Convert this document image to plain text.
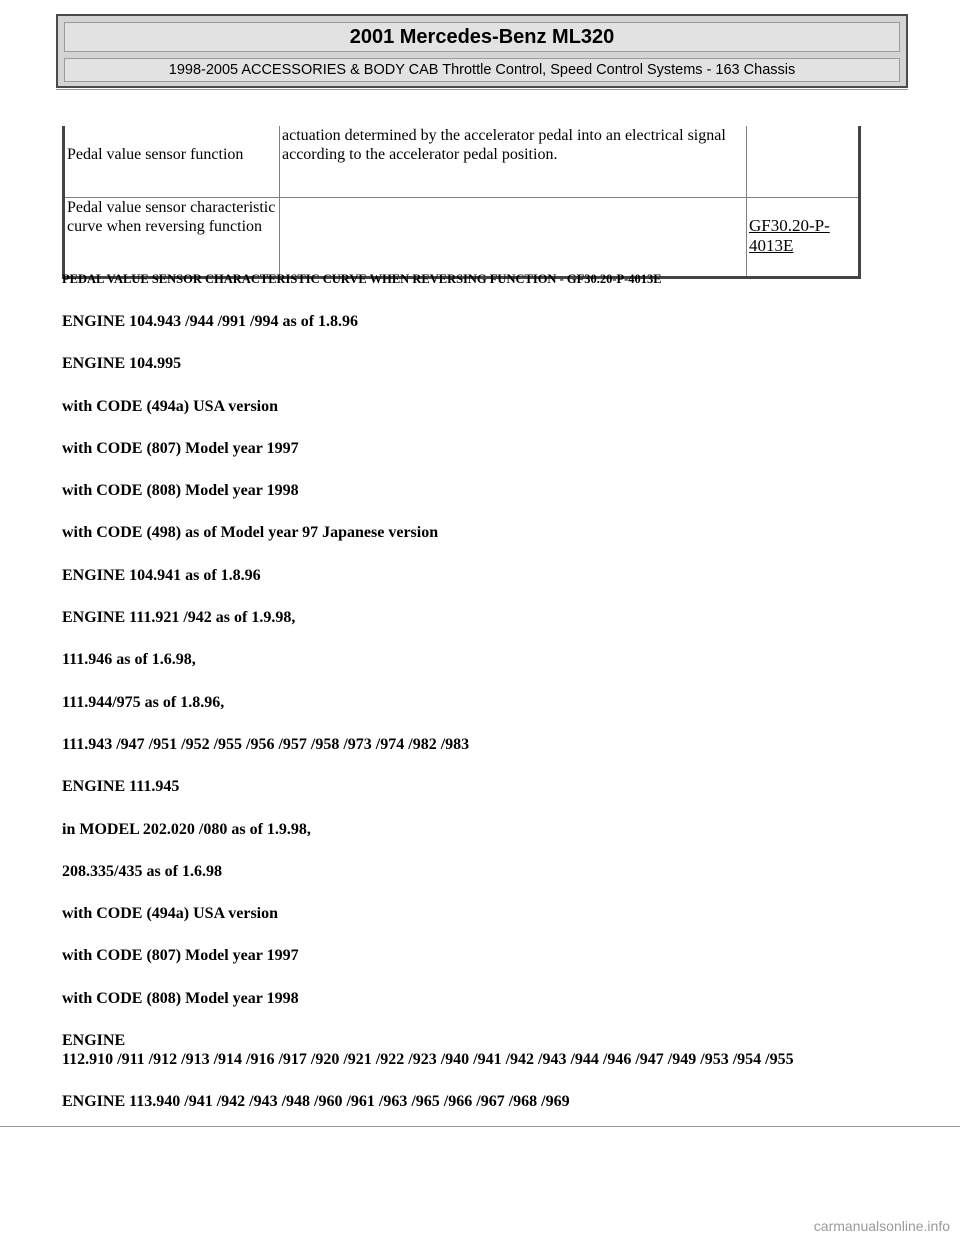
2001 Mercedes-Benz ML320
1998-2005 ACCESSORIES & BODY CAB Throttle Control, Speed Control Systems - 163 Chassis
Pedal value sensor function	actuation determined by the accelerator pedal into an electrical signal according to the accelerator pedal position.	
Pedal value sensor characteristic curve when reversing function		GF30.20-P-4013E
PEDAL VALUE SENSOR CHARACTERISTIC CURVE WHEN REVERSING FUNCTION - GF30.20-P-4013E

ENGINE 104.943 /944 /991 /994 as of 1.8.96

ENGINE 104.995

with CODE (494a) USA version

with CODE (807) Model year 1997

with CODE (808) Model year 1998

with CODE (498) as of Model year 97 Japanese version

ENGINE 104.941 as of 1.8.96

ENGINE 111.921 /942 as of 1.9.98,

111.946 as of 1.6.98,

111.944/975 as of 1.8.96,

111.943 /947 /951 /952 /955 /956 /957 /958 /973 /974 /982 /983

ENGINE 111.945

in MODEL 202.020 /080 as of 1.9.98,

208.335/435 as of 1.6.98

with CODE (494a) USA version

with CODE (807) Model year 1997

with CODE (808) Model year 1998

ENGINE
112.910 /911 /912 /913 /914 /916 /917 /920 /921 /922 /923 /940 /941 /942 /943 /944 /946 /947 /949 /953 /954 /955

ENGINE 113.940 /941 /942 /943 /948 /960 /961 /963 /965 /966 /967 /968 /969

carmanualsonline.info
